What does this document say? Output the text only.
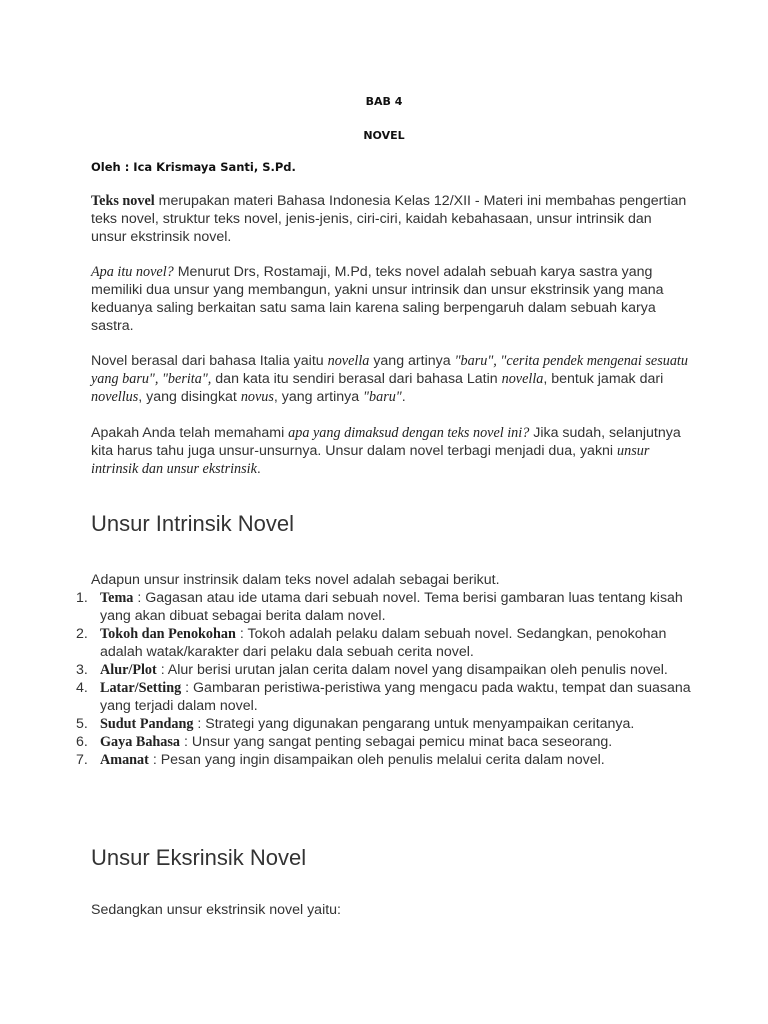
BAB 4
NOVEL
Oleh : Ica Krismaya Santi, S.Pd.

Teks novel merupakan materi Bahasa Indonesia Kelas 12/XII - Materi ini membahas pengertian teks novel, struktur teks novel, jenis-jenis, ciri-ciri, kaidah kebahasaan, unsur intrinsik dan unsur ekstrinsik novel.

Apa itu novel? Menurut Drs, Rostamaji, M.Pd, teks novel adalah sebuah karya sastra yang memiliki dua unsur yang membangun, yakni unsur intrinsik dan unsur ekstrinsik yang mana keduanya saling berkaitan satu sama lain karena saling berpengaruh dalam sebuah karya sastra.

Novel berasal dari bahasa Italia yaitu novella yang artinya "baru", "cerita pendek mengenai sesuatu yang baru", "berita", dan kata itu sendiri berasal dari bahasa Latin novella, bentuk jamak dari novellus, yang disingkat novus, yang artinya "baru".

Apakah Anda telah memahami apa yang dimaksud dengan teks novel ini? Jika sudah, selanjutnya kita harus tahu juga unsur-unsurnya. Unsur dalam novel terbagi menjadi dua, yakni unsur intrinsik dan unsur ekstrinsik.

Unsur Intrinsik Novel
Adapun unsur instrinsik dalam teks novel adalah sebagai berikut.
1. Tema : Gagasan atau ide utama dari sebuah novel. Tema berisi gambaran luas tentang kisah yang akan dibuat sebagai berita dalam novel.
2. Tokoh dan Penokohan : Tokoh adalah pelaku dalam sebuah novel. Sedangkan, penokohan adalah watak/karakter dari pelaku dala sebuah cerita novel.
3. Alur/Plot : Alur berisi urutan jalan cerita dalam novel yang disampaikan oleh penulis novel.
4. Latar/Setting : Gambaran peristiwa-peristiwa yang mengacu pada waktu, tempat dan suasana yang terjadi dalam novel.
5. Sudut Pandang : Strategi yang digunakan pengarang untuk menyampaikan ceritanya.
6. Gaya Bahasa : Unsur yang sangat penting sebagai pemicu minat baca seseorang.
7. Amanat : Pesan yang ingin disampaikan oleh penulis melalui cerita dalam novel.
Unsur Eksrinsik Novel
Sedangkan unsur ekstrinsik novel yaitu:
